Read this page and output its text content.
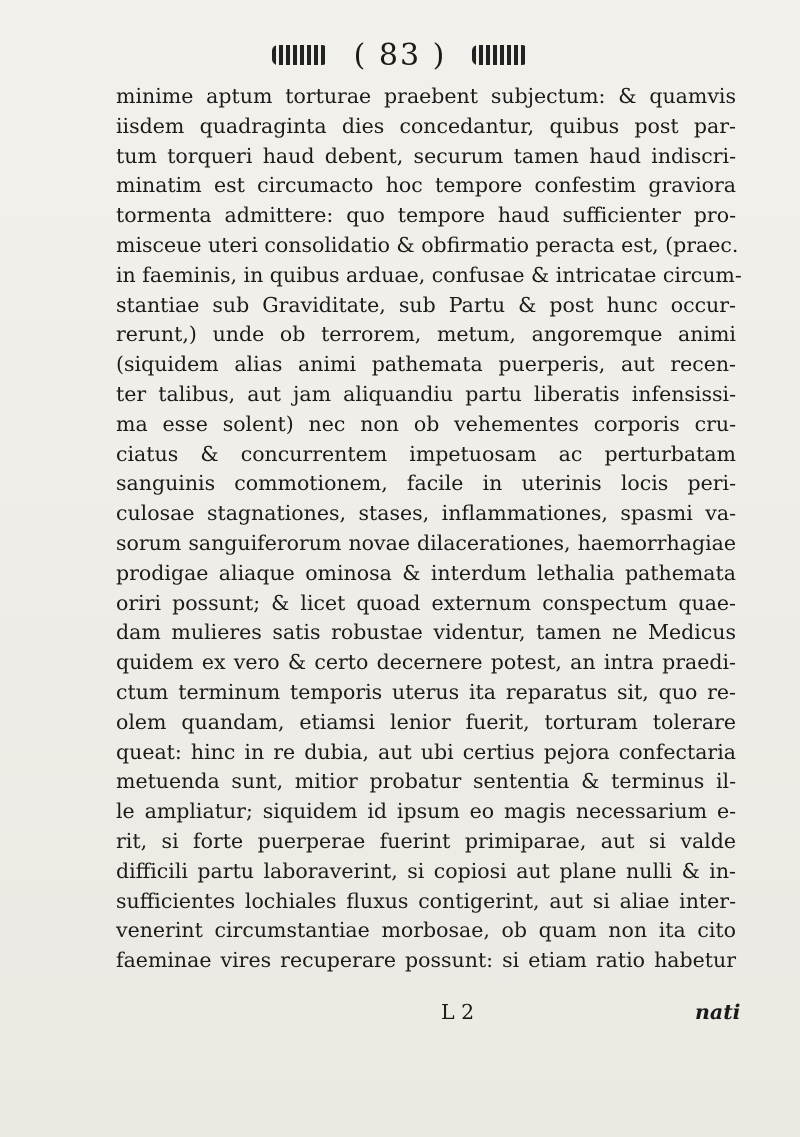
( 83 )
minime aptum torturae praebent subjectum: & quamvis
iisdem quadraginta dies concedantur, quibus post par-
tum torqueri haud debent, securum tamen haud indiscri-
minatim est circumacto hoc tempore confestim graviora
tormenta admittere: quo tempore haud sufficienter pro-
misceue uteri consolidatio & obfirmatio peracta est, (praec.
in faeminis, in quibus arduae, confusae & intricatae circum-
stantiae sub Graviditate, sub Partu & post hunc occur-
rerunt,) unde ob terrorem, metum, angoremque animi
(siquidem alias animi pathemata puerperis, aut recen-
ter talibus, aut jam aliquandiu partu liberatis infensissi-
ma esse solent) nec non ob vehementes corporis cru-
ciatus & concurrentem impetuosam ac perturbatam
sanguinis commotionem, facile in uterinis locis peri-
culosae stagnationes, stases, inflammationes, spasmi va-
sorum sanguiferorum novae dilacerationes, haemorrhagiae
prodigae aliaque ominosa & interdum lethalia pathemata
oriri possunt; & licet quoad externum conspectum quae-
dam mulieres satis robustae videntur, tamen ne Medicus
quidem ex vero & certo decernere potest, an intra praedi-
ctum terminum temporis uterus ita reparatus sit, quo re-
olem quandam, etiamsi lenior fuerit, torturam tolerare
queat: hinc in re dubia, aut ubi certius pejora confectaria
metuenda sunt, mitior probatur sententia & terminus il-
le ampliatur; siquidem id ipsum eo magis necessarium e-
rit, si forte puerperae fuerint primiparae, aut si valde
difficili partu laboraverint, si copiosi aut plane nulli & in-
sufficientes lochiales fluxus contigerint, aut si aliae inter-
venerint circumstantiae morbosae, ob quam non ita cito
faeminae vires recuperare possunt: si etiam ratio habetur
L 2	nati
